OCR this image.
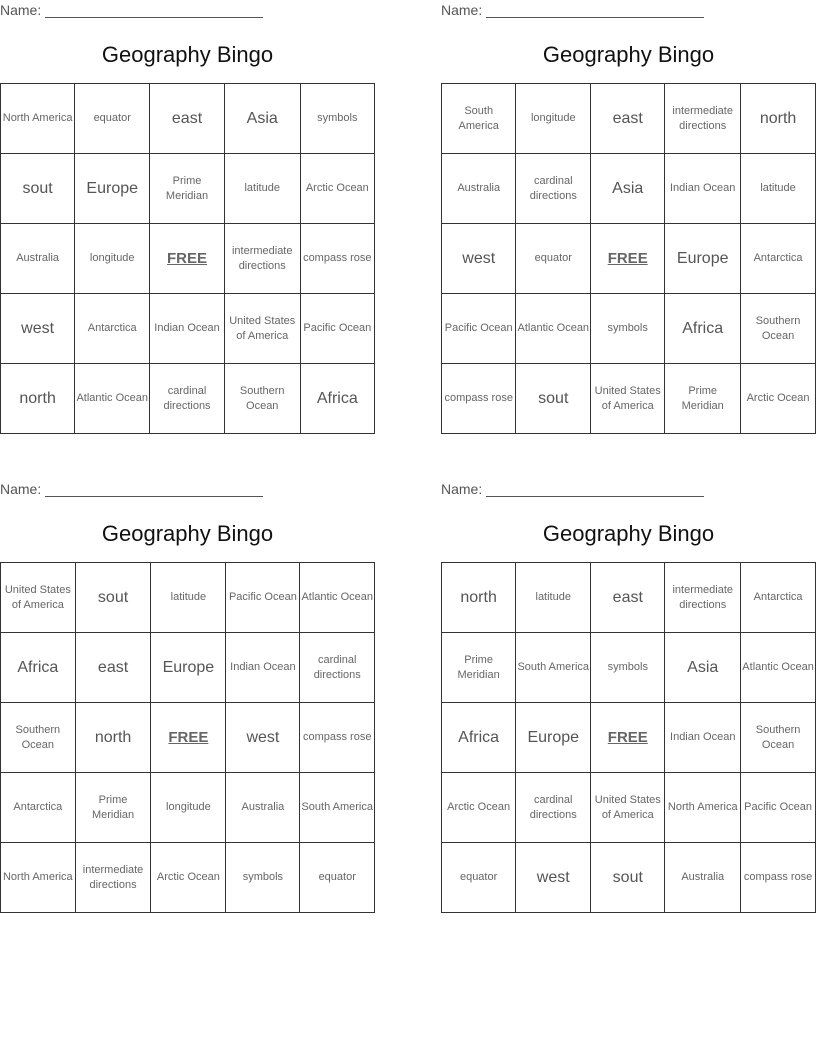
Name:
Geography Bingo
North America	equator	east	Asia	symbols
sout	Europe	Prime Meridian	latitude	Arctic Ocean
Australia	longitude	FREE	intermediate directions	compass rose
west	Antarctica	Indian Ocean	United States of America	Pacific Ocean
north	Atlantic Ocean	cardinal directions	Southern Ocean	Africa
Name:
Geography Bingo
South America	longitude	east	intermediate directions	north
Australia	cardinal directions	Asia	Indian Ocean	latitude
west	equator	FREE	Europe	Antarctica
Pacific Ocean	Atlantic Ocean	symbols	Africa	Southern Ocean
compass rose	sout	United States of America	Prime Meridian	Arctic Ocean
Name:
Geography Bingo
United States of America	sout	latitude	Pacific Ocean	Atlantic Ocean
Africa	east	Europe	Indian Ocean	cardinal directions
Southern Ocean	north	FREE	west	compass rose
Antarctica	Prime Meridian	longitude	Australia	South America
North America	intermediate directions	Arctic Ocean	symbols	equator
Name:
Geography Bingo
north	latitude	east	intermediate directions	Antarctica
Prime Meridian	South America	symbols	Asia	Atlantic Ocean
Africa	Europe	FREE	Indian Ocean	Southern Ocean
Arctic Ocean	cardinal directions	United States of America	North America	Pacific Ocean
equator	west	sout	Australia	compass rose
